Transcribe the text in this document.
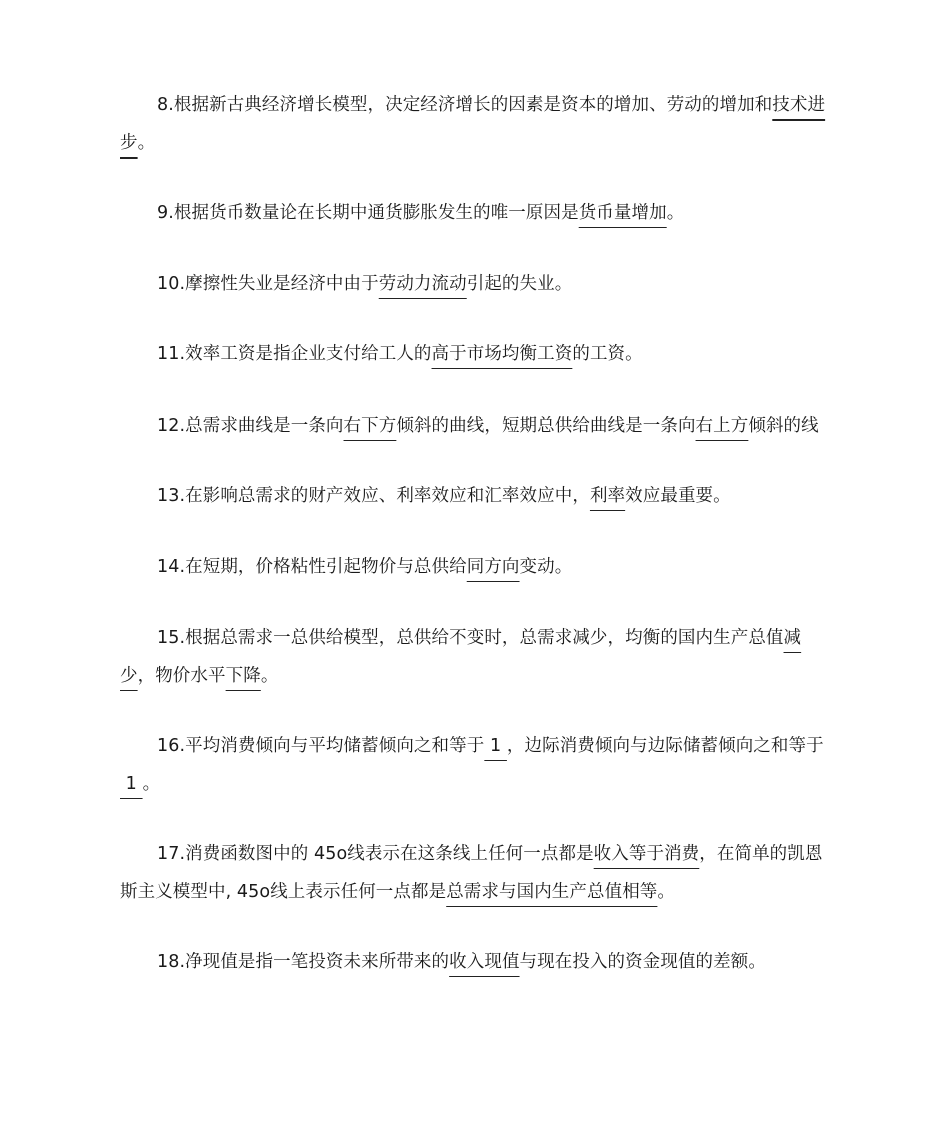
8.根据新古典经济增长模型，决定经济增长的因素是资本的增加、劳动的增加和技术进步。

9.根据货币数量论在长期中通货膨胀发生的唯一原因是货币量增加。

10.摩擦性失业是经济中由于劳动力流动引起的失业。

11.效率工资是指企业支付给工人的高于市场均衡工资的工资。

12.总需求曲线是一条向右下方倾斜的曲线，短期总供给曲线是一条向右上方倾斜的线

13.在影响总需求的财产效应、利率效应和汇率效应中，利率效应最重要。

14.在短期，价格粘性引起物价与总供给同方向变动。

15.根据总需求一总供给模型，总供给不变时，总需求减少，均衡的国内生产总值减少，物价水平下降。

16.平均消费倾向与平均储蓄倾向之和等于 1 ，边际消费倾向与边际储蓄倾向之和等于 1 。

17.消费函数图中的 45o线表示在这条线上任何一点都是收入等于消费，在简单的凯恩斯主义模型中, 45o线上表示任何一点都是总需求与国内生产总值相等。

18.净现值是指一笔投资未来所带来的收入现值与现在投入的资金现值的差额。
